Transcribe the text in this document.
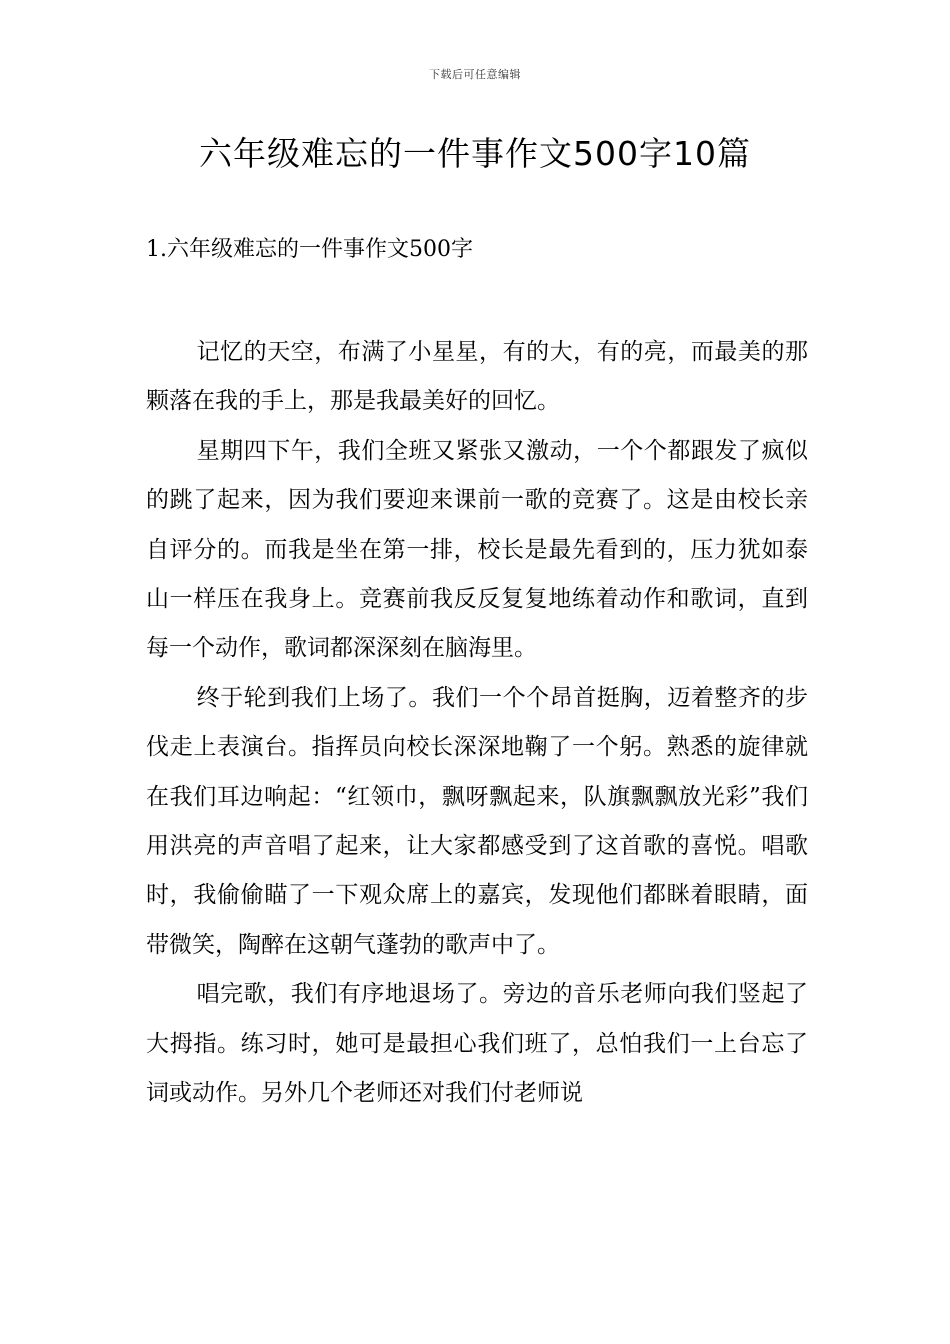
下载后可任意编辑
六年级难忘的一件事作文500字10篇
1.六年级难忘的一件事作文500字

记忆的天空，布满了小星星，有的大，有的亮，而最美的那颗落在我的手上，那是我最美好的回忆。

星期四下午，我们全班又紧张又激动，一个个都跟发了疯似的跳了起来，因为我们要迎来课前一歌的竞赛了。这是由校长亲自评分的。而我是坐在第一排，校长是最先看到的，压力犹如泰山一样压在我身上。竞赛前我反反复复地练着动作和歌词，直到每一个动作，歌词都深深刻在脑海里。

终于轮到我们上场了。我们一个个昂首挺胸，迈着整齐的步伐走上表演台。指挥员向校长深深地鞠了一个躬。熟悉的旋律就在我们耳边响起：“红领巾，飘呀飘起来，队旗飘飘放光彩”我们用洪亮的声音唱了起来，让大家都感受到了这首歌的喜悦。唱歌时，我偷偷瞄了一下观众席上的嘉宾，发现他们都眯着眼睛，面带微笑，陶醉在这朝气蓬勃的歌声中了。

唱完歌，我们有序地退场了。旁边的音乐老师向我们竖起了大拇指。练习时，她可是最担心我们班了，总怕我们一上台忘了词或动作。另外几个老师还对我们付老师说
